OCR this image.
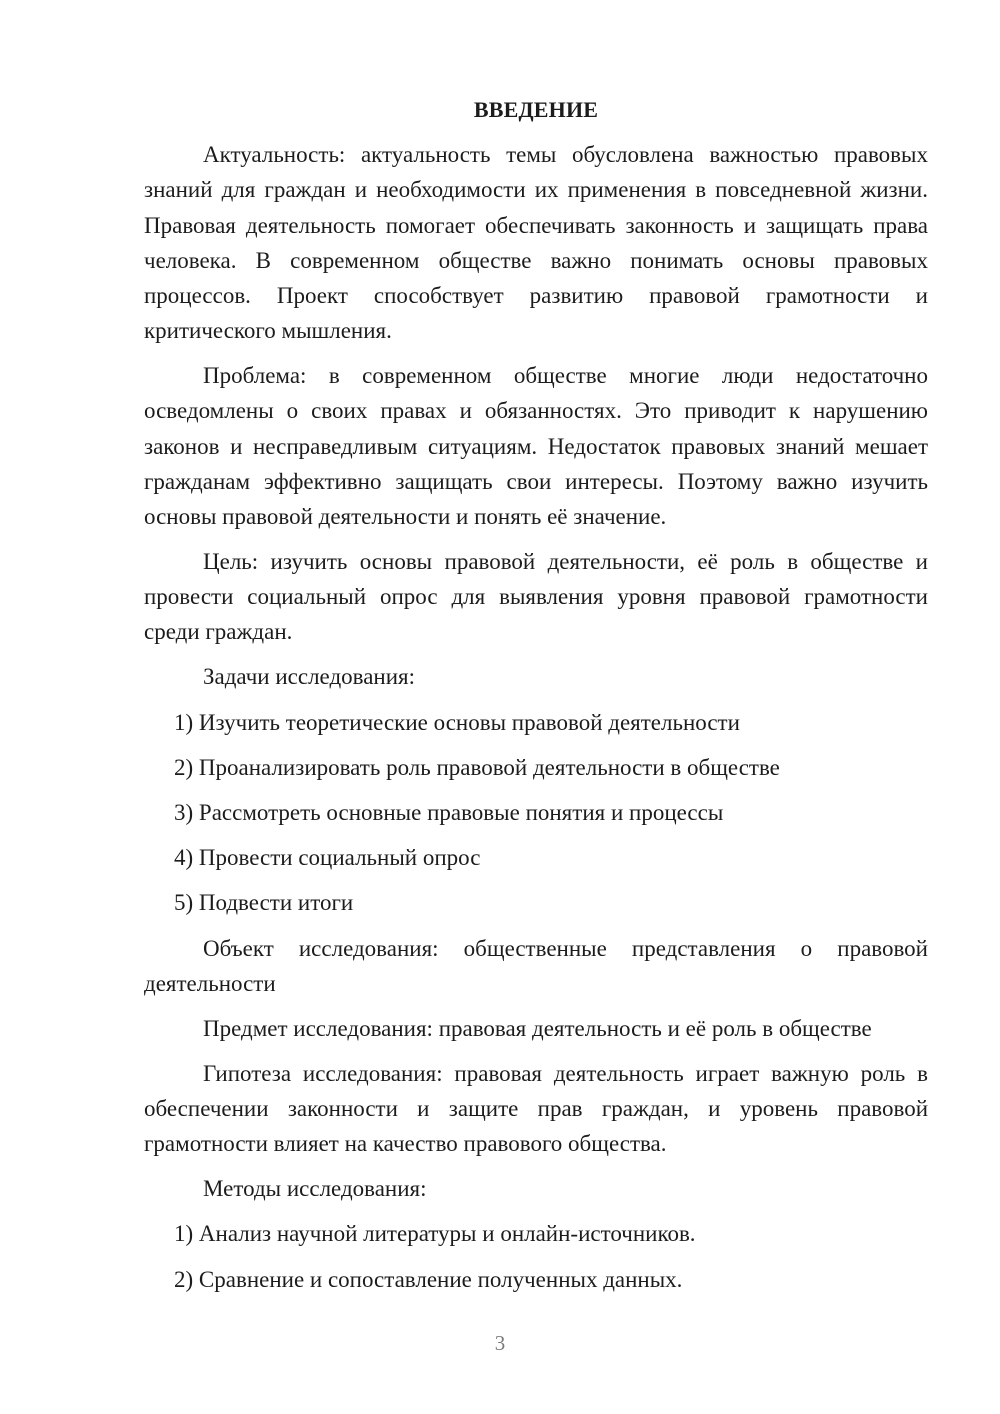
ВВЕДЕНИЕ

Актуальность: актуальность темы обусловлена важностью правовых знаний для граждан и необходимости их применения в повседневной жизни. Правовая деятельность помогает обеспечивать законность и защищать права человека. В современном обществе важно понимать основы правовых процессов. Проект способствует развитию правовой грамотности и критического мышления.

Проблема: в современном обществе многие люди недостаточно осведомлены о своих правах и обязанностях. Это приводит к нарушению законов и несправедливым ситуациям. Недостаток правовых знаний мешает гражданам эффективно защищать свои интересы. Поэтому важно изучить основы правовой деятельности и понять её значение.

Цель: изучить основы правовой деятельности, её роль в обществе и провести социальный опрос для выявления уровня правовой грамотности среди граждан.

Задачи исследования:
1) Изучить теоретические основы правовой деятельности
2) Проанализировать роль правовой деятельности в обществе
3) Рассмотреть основные правовые понятия и процессы
4) Провести социальный опрос
5) Подвести итоги

Объект исследования: общественные представления о правовой деятельности

Предмет исследования: правовая деятельность и её роль в обществе

Гипотеза исследования: правовая деятельность играет важную роль в обеспечении законности и защите прав граждан, и уровень правовой грамотности влияет на качество правового общества.

Методы исследования:
1) Анализ научной литературы и онлайн-источников.
2) Сравнение и сопоставление полученных данных.
3
